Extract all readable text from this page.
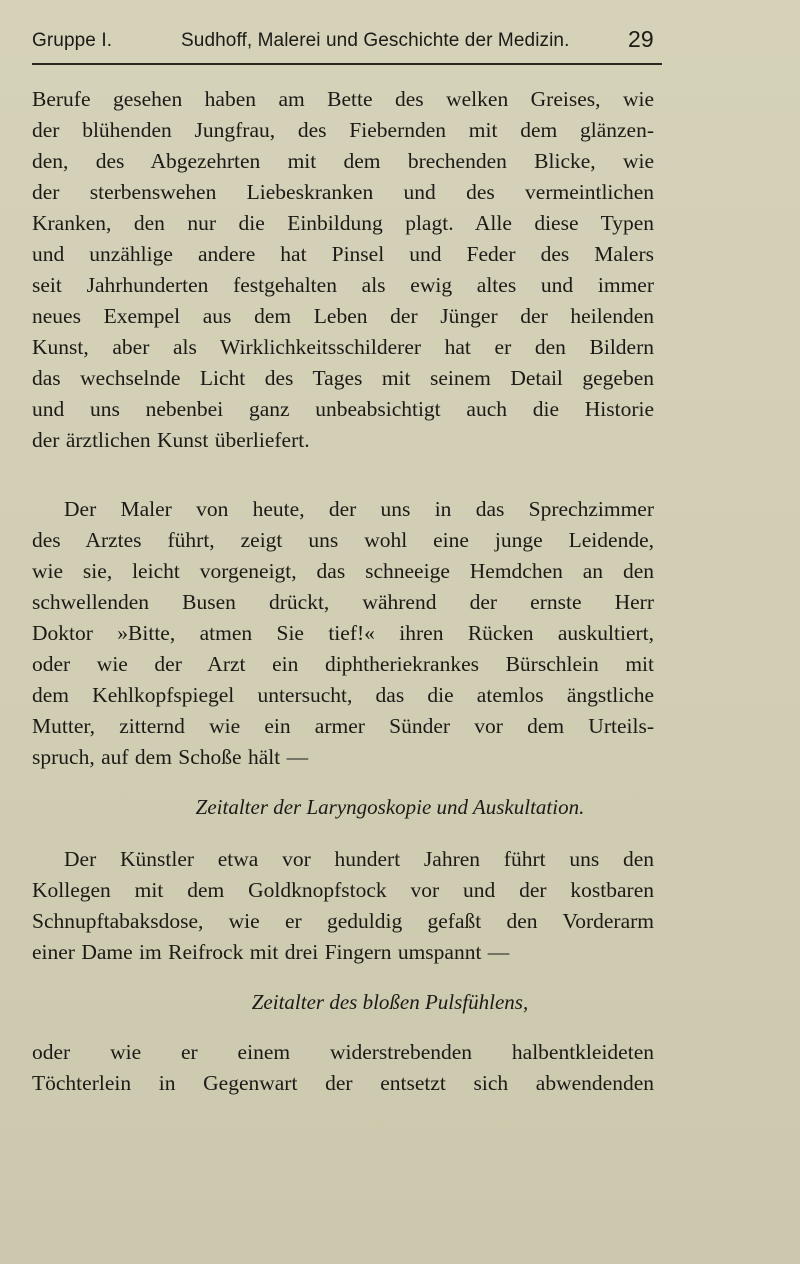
Gruppe I.	Sudhoff, Malerei und Geschichte der Medizin.	29
Berufe gesehen haben am Bette des welken Greises, wie
der blühenden Jungfrau, des Fiebernden mit dem glänzen-
den, des Abgezehrten mit dem brechenden Blicke, wie
der sterbenswehen Liebeskranken und des vermeintlichen
Kranken, den nur die Einbildung plagt. Alle diese Typen
und unzählige andere hat Pinsel und Feder des Malers
seit Jahrhunderten festgehalten als ewig altes und immer
neues Exempel aus dem Leben der Jünger der heilenden
Kunst, aber als Wirklichkeitsschilderer hat er den Bildern
das wechselnde Licht des Tages mit seinem Detail gegeben
und uns nebenbei ganz unbeabsichtigt auch die Historie
der ärztlichen Kunst überliefert.
Der Maler von heute, der uns in das Sprechzimmer
des Arztes führt, zeigt uns wohl eine junge Leidende,
wie sie, leicht vorgeneigt, das schneeige Hemdchen an den
schwellenden Busen drückt, während der ernste Herr
Doktor »Bitte, atmen Sie tief!« ihren Rücken auskultiert,
oder wie der Arzt ein diphtheriekrankes Bürschlein mit
dem Kehlkopfspiegel untersucht, das die atemlos ängstliche
Mutter, zitternd wie ein armer Sünder vor dem Urteils-
spruch, auf dem Schoße hält —
Zeitalter der Laryngoskopie und Auskultation.
Der Künstler etwa vor hundert Jahren führt uns den
Kollegen mit dem Goldknopfstock vor und der kostbaren
Schnupftabaksdose, wie er geduldig gefaßt den Vorderarm
einer Dame im Reifrock mit drei Fingern umspannt —
Zeitalter des bloßen Pulsfühlens,
oder wie er einem widerstrebenden halbentkleideten
Töchterlein in Gegenwart der entsetzt sich abwendenden
